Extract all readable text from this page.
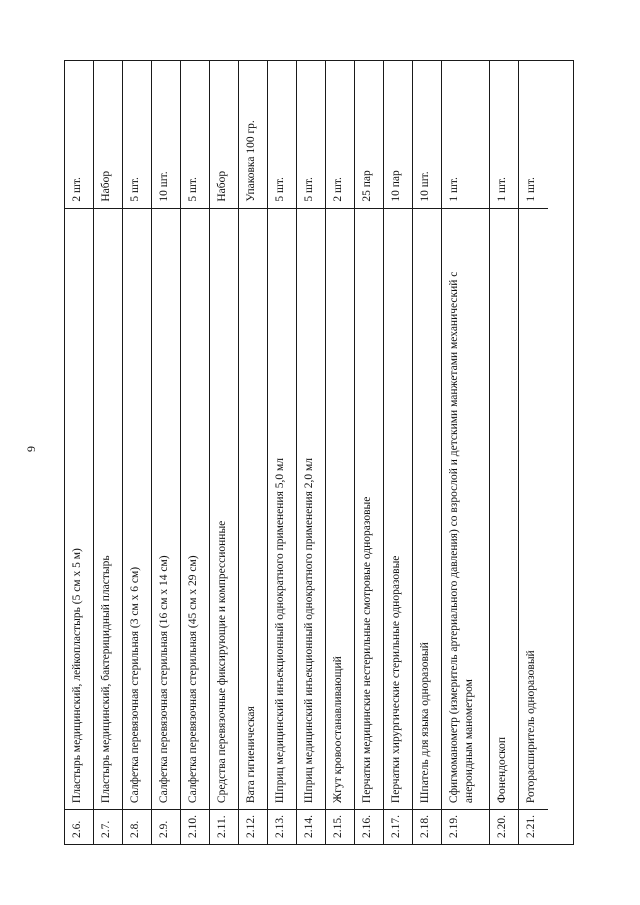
9
2.6.
Пластырь медицинский, лейкопластырь (5 см х 5 м)
2 шт.
2.7.
Пластырь медицинский, бактерицидный пластырь
Набор
2.8.
Салфетка перевязочная стерильная (3 см х 6 см)
5 шт.
2.9.
Салфетка перевязочная стерильная (16 см х 14 см)
10 шт.
2.10.
Салфетка перевязочная стерильная (45 см х 29 см)
5 шт.
2.11.
Средства перевязочные фиксирующие и компрессионные
Набор
2.12.
Вата гигиеническая
Упаковка 100 гр.
2.13.
Шприц медицинский инъекционный однократного применения 5,0 мл
5 шт.
2.14.
Шприц медицинский инъекционный однократного применения 2,0 мл
5 шт.
2.15.
Жгут кровоостанавливающий
2 шт.
2.16.
Перчатки медицинские нестерильные смотровые одноразовые
25 пар
2.17.
Перчатки хирургические стерильные одноразовые
10 пар
2.18.
Шпатель для языка одноразовый
10 шт.
2.19.
Сфигмоманометр (измеритель артериального давления) со взрослой и детскими манжетами механический с анероидным манометром
1 шт.
2.20.
Фонендоскоп
1 шт.
2.21.
Роторасширитель одноразовый
1 шт.
